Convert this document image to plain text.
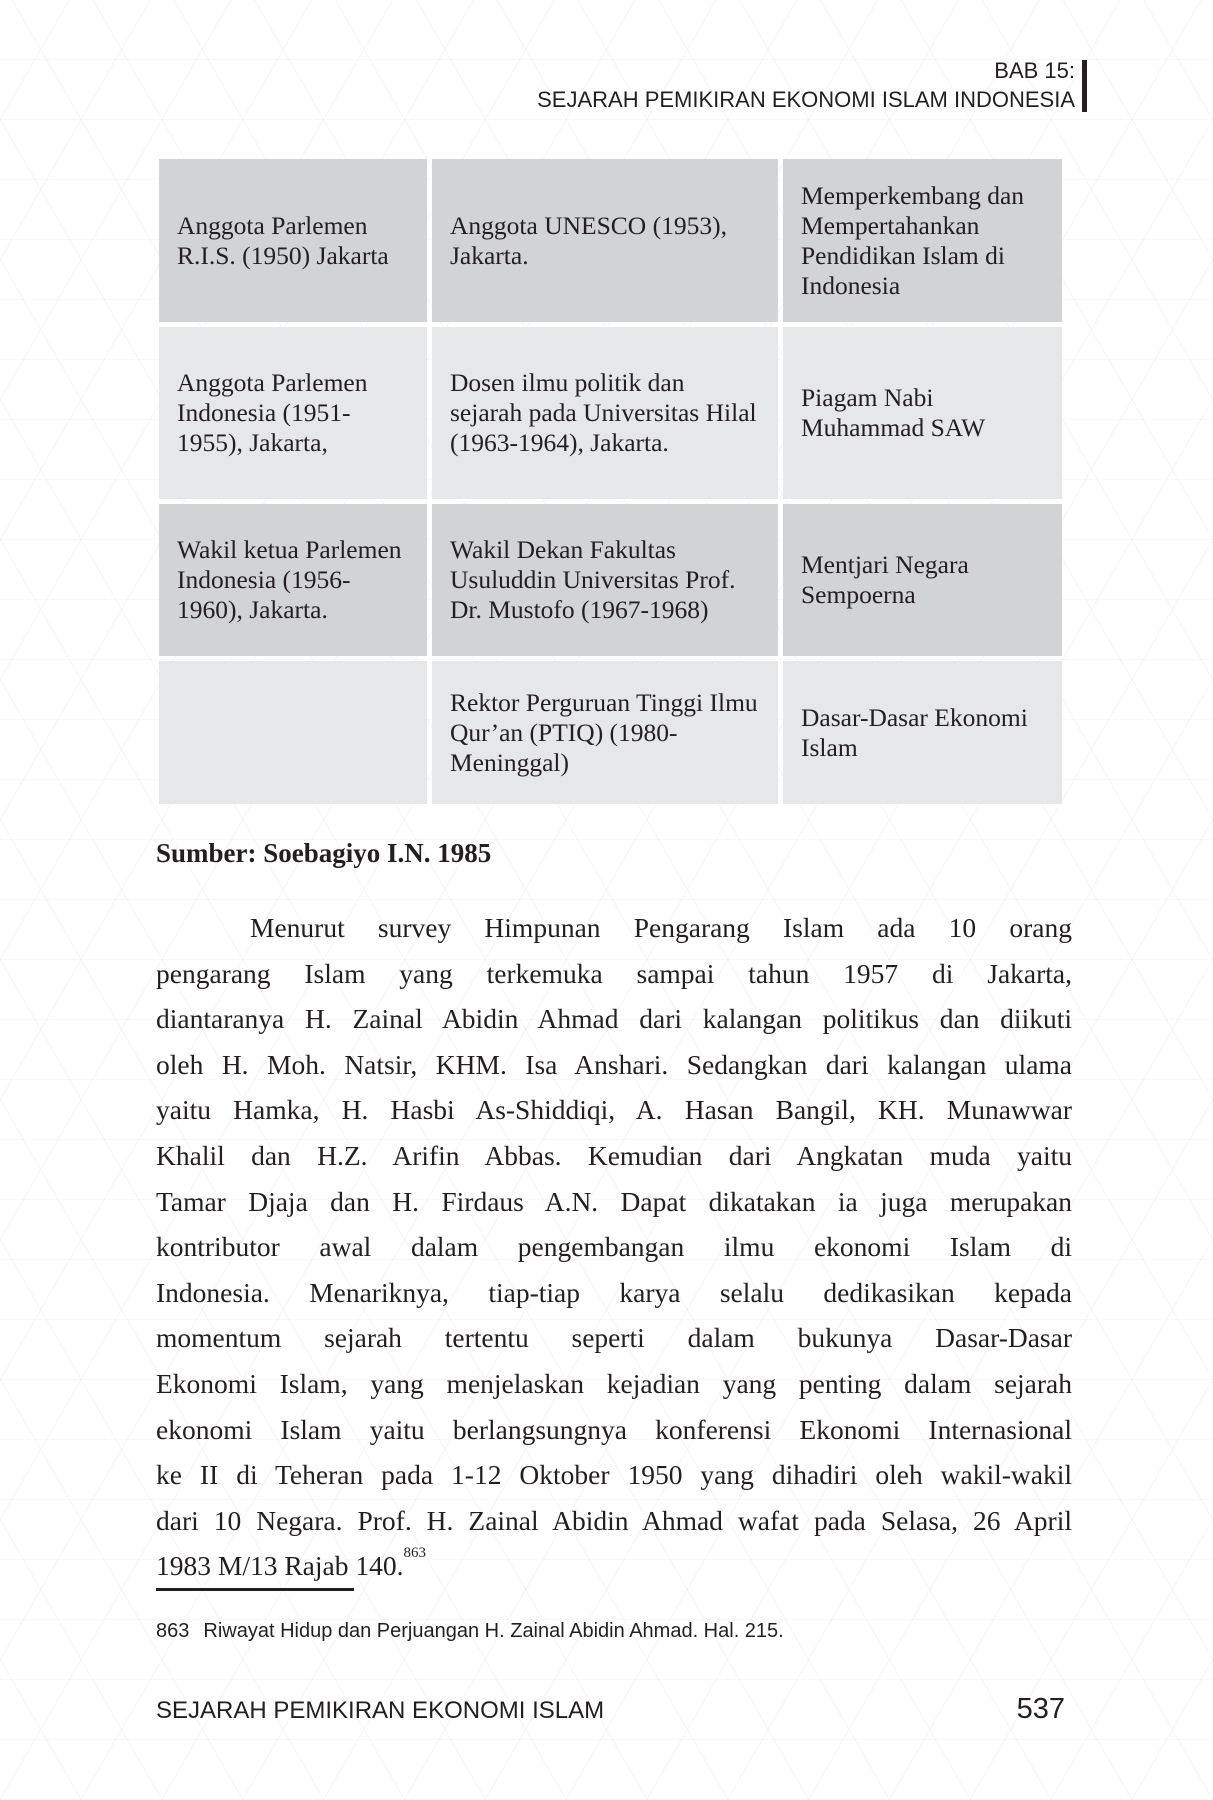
BAB 15:
SEJARAH PEMIKIRAN EKONOMI ISLAM INDONESIA
Anggota Parlemen R.I.S. (1950) Jakarta	Anggota UNESCO (1953), Jakarta.	Memperkembang dan Mempertahankan Pendidikan Islam di Indonesia
Anggota Parlemen Indonesia (1951-1955), Jakarta,	Dosen ilmu politik dan sejarah pada Universitas Hilal (1963-1964), Jakarta.	Piagam Nabi Muhammad SAW
Wakil ketua Parlemen Indonesia (1956-1960), Jakarta.	Wakil Dekan Fakultas Usuluddin Universitas Prof. Dr. Mustofo (1967-1968)	Mentjari Negara Sempoerna
	Rektor Perguruan Tinggi Ilmu Qur’an (PTIQ) (1980-Meninggal)	Dasar-Dasar Ekonomi Islam
Sumber: Soebagiyo I.N. 1985
Menurut survey Himpunan Pengarang Islam ada 10 orang
pengarang Islam yang terkemuka sampai tahun 1957 di Jakarta,
diantaranya H. Zainal Abidin Ahmad dari kalangan politikus dan diikuti
oleh H. Moh. Natsir, KHM. Isa Anshari. Sedangkan dari kalangan ulama
yaitu Hamka, H. Hasbi As-Shiddiqi, A. Hasan Bangil, KH. Munawwar
Khalil dan H.Z. Arifin Abbas. Kemudian dari Angkatan muda yaitu
Tamar Djaja dan H. Firdaus A.N. Dapat dikatakan ia juga merupakan
kontributor awal dalam pengembangan ilmu ekonomi Islam di
Indonesia. Menariknya, tiap-tiap karya selalu dedikasikan kepada
momentum sejarah tertentu seperti dalam bukunya Dasar-Dasar
Ekonomi Islam, yang menjelaskan kejadian yang penting dalam sejarah
ekonomi Islam yaitu berlangsungnya konferensi Ekonomi Internasional
ke II di Teheran pada 1-12 Oktober 1950 yang dihadiri oleh wakil-wakil
dari 10 Negara. Prof. H. Zainal Abidin Ahmad wafat pada Selasa, 26 April
1983 M/13 Rajab 140.$^{863}$
863 Riwayat Hidup dan Perjuangan H. Zainal Abidin Ahmad. Hal. 215.
SEJARAH PEMIKIRAN EKONOMI ISLAM	537
